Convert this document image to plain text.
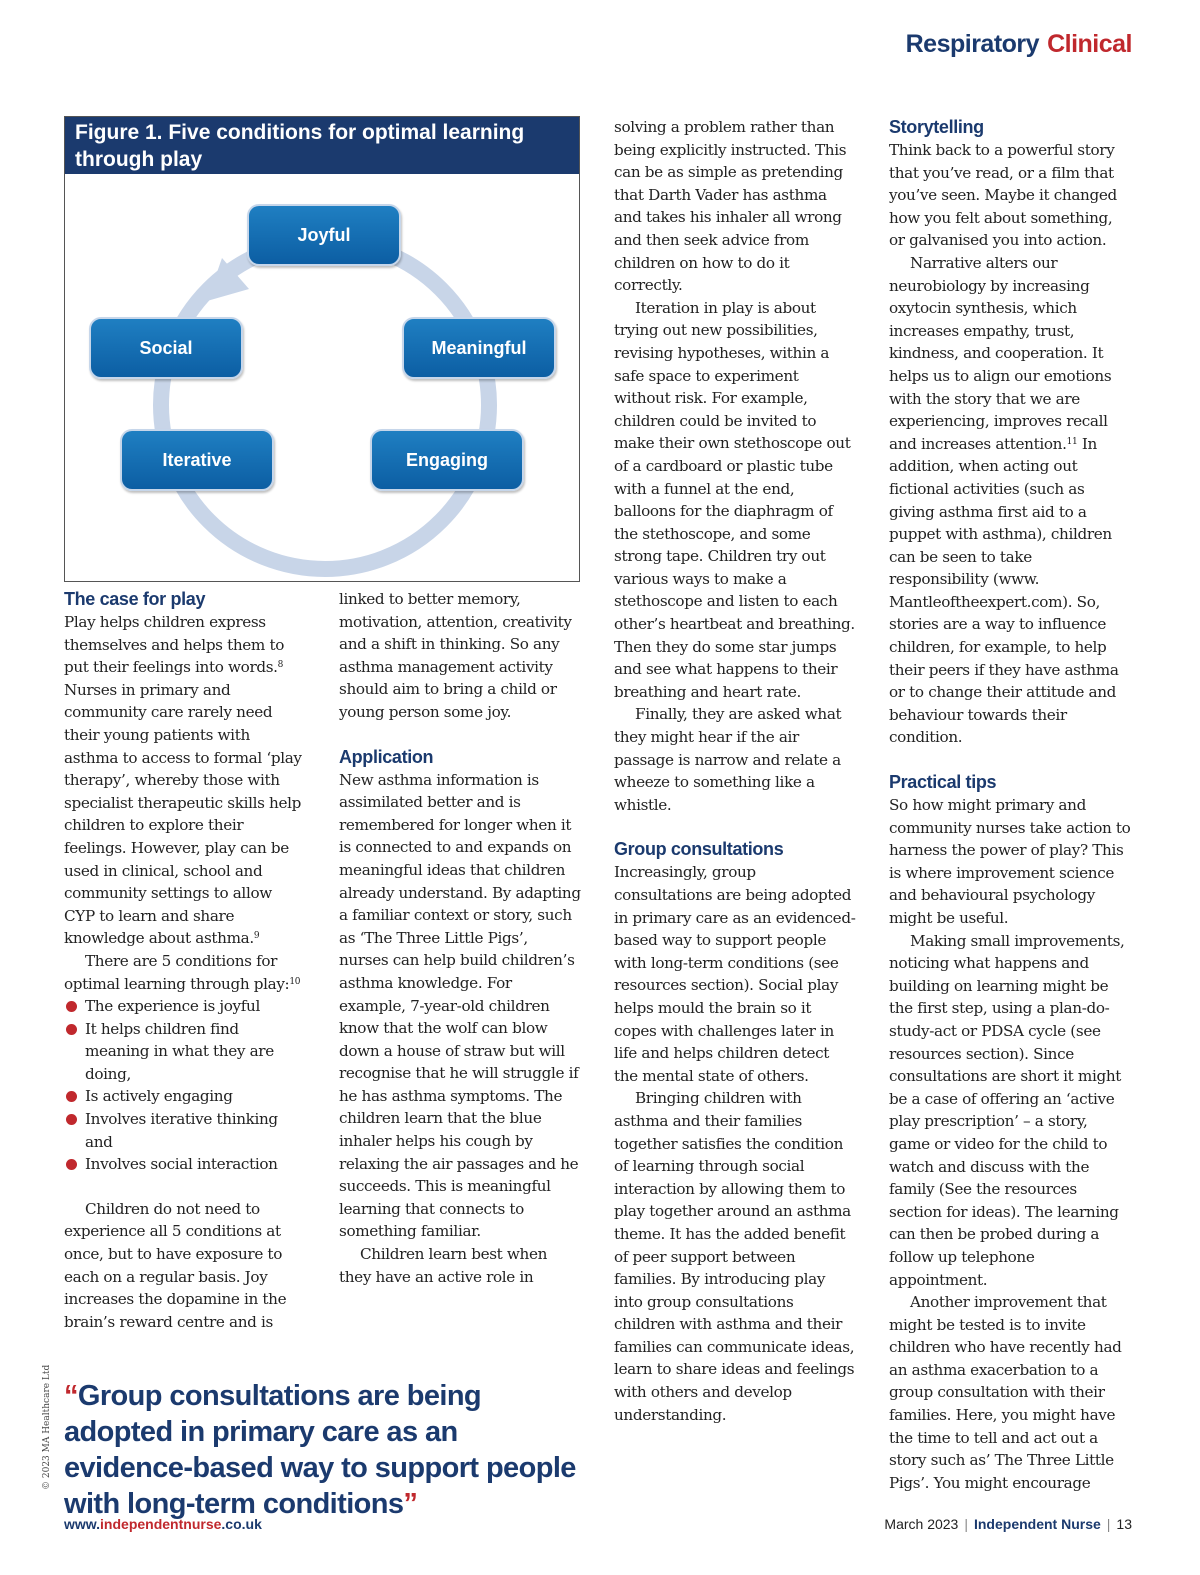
Respiratory Clinical
Figure 1. Five conditions for optimal learning through play
Joyful
Meaningful
Engaging
Iterative
Social
The case for play

Play helps children express themselves and helps them to put their feelings into words.$^8$ Nurses in primary and community care rarely need their young patients with asthma to access to formal ‘play therapy’, whereby those with specialist therapeutic skills help children to explore their feelings. However, play can be used in clinical, school and community settings to allow CYP to learn and share knowledge about asthma.$^9$

There are 5 conditions for optimal learning through play:$^{10}$

The experience is joyful
It helps children find meaning in what they are doing,
Is actively engaging
Involves iterative thinking and
Involves social interaction

Children do not need to experience all 5 conditions at once, but to have exposure to each on a regular basis. Joy increases the dopamine in the brain’s reward centre and is

linked to better memory, motivation, attention, creativity and a shift in thinking. So any asthma management activity should aim to bring a child or young person some joy.

Application

New asthma information is assimilated better and is remembered for longer when it is connected to and expands on meaningful ideas that children already understand. By adapting a familiar context or story, such as ‘The Three Little Pigs’, nurses can help build children’s asthma knowledge. For example, 7-year-old children know that the wolf can blow down a house of straw but will recognise that he will struggle if he has asthma symptoms. The children learn that the blue inhaler helps his cough by relaxing the air passages and he succeeds. This is meaningful learning that connects to something familiar.

Children learn best when they have an active role in

solving a problem rather than being explicitly instructed. This can be as simple as pretending that Darth Vader has asthma and takes his inhaler all wrong and then seek advice from children on how to do it correctly.

Iteration in play is about trying out new possibilities, revising hypotheses, within a safe space to experiment without risk. For example, children could be invited to make their own stethoscope out of a cardboard or plastic tube with a funnel at the end, balloons for the diaphragm of the stethoscope, and some strong tape. Children try out various ways to make a stethoscope and listen to each other’s heartbeat and breathing. Then they do some star jumps and see what happens to their breathing and heart rate.

Finally, they are asked what they might hear if the air passage is narrow and relate a wheeze to something like a whistle.

Group consultations

Increasingly, group consultations are being adopted in primary care as an evidenced-based way to support people with long-term conditions (see resources section). Social play helps mould the brain so it copes with challenges later in life and helps children detect the mental state of others.

Bringing children with asthma and their families together satisfies the condition of learning through social interaction by allowing them to play together around an asthma theme. It has the added benefit of peer support between families. By introducing play into group consultations children with asthma and their families can communicate ideas, learn to share ideas and feelings with others and develop understanding.

Storytelling

Think back to a powerful story that you’ve read, or a film that you’ve seen. Maybe it changed how you felt about something, or galvanised you into action.

Narrative alters our neurobiology by increasing oxytocin synthesis, which increases empathy, trust, kindness, and cooperation. It helps us to align our emotions with the story that we are experiencing, improves recall and increases attention.$^{11}$ In addition, when acting out fictional activities (such as giving asthma first aid to a puppet with asthma), children can be seen to take responsibility (www. Mantleoftheexpert.com). So, stories are a way to influence children, for example, to help their peers if they have asthma or to change their attitude and behaviour towards their condition.

Practical tips

So how might primary and community nurses take action to harness the power of play? This is where improvement science and behavioural psychology might be useful.

Making small improvements, noticing what happens and building on learning might be the first step, using a plan-do-study-act or PDSA cycle (see resources section). Since consultations are short it might be a case of offering an ‘active play prescription’ – a story, game or video for the child to watch and discuss with the family (See the resources section for ideas). The learning can then be probed during a follow up telephone appointment.

Another improvement that might be tested is to invite children who have recently had an asthma exacerbation to a group consultation with their families. Here, you might have the time to tell and act out a story such as’ The Three Little Pigs’. You might encourage

“Group consultations are being adopted in primary care as an evidence-based way to support people with long-term conditions”
© 2023 MA Healthcare Ltd
www.independentnurse.co.uk	March 2023 | Independent Nurse | 13
